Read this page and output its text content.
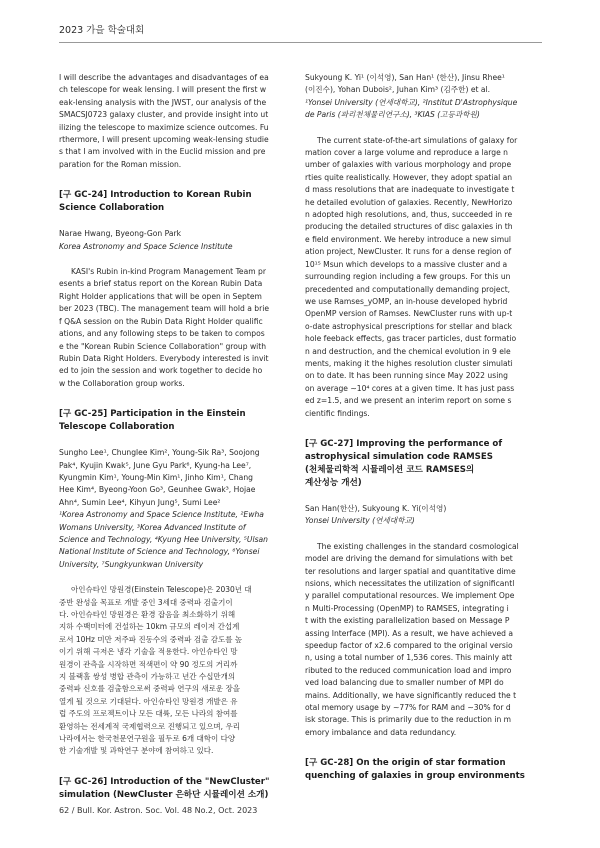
2023 가을 학술대회
I will describe the advantages and disadvantages of ea
ch telescope for weak lensing. I will present the first w
eak-lensing analysis with the JWST, our analysis of the
SMACSJ0723 galaxy cluster, and provide insight into ut
ilizing the telescope to maximize science outcomes. Fu
rthermore, I will present upcoming weak-lensing studie
s that I am involved with in the Euclid mission and pre
paration for the Roman mission.
[구 GC-24] Introduction to Korean Rubin
Science Collaboration

Narae Hwang, Byeong-Gon Park

Korea Astronomy and Space Science Institute

KASI's Rubin in-kind Program Management Team pr
esents a brief status report on the Korean Rubin Data
Right Holder applications that will be open in Septem
ber 2023 (TBC). The management team will hold a brie
f Q&A session on the Rubin Data Right Holder qualific
ations, and any following steps to be taken to compos
e the "Korean Rubin Science Collaboration" group with
Rubin Data Right Holders. Everybody interested is invit
ed to join the session and work together to decide ho
w the Collaboration group works.
[구 GC-25] Participation in the Einstein
Telescope Collaboration
Sungho Lee¹, Chunglee Kim², Young-Sik Ra³, Soojong
Pak⁴, Kyujin Kwak⁵, June Gyu Park⁶, Kyung-ha Lee⁷,
Kyungmin Kim¹, Young-Min Kim¹, Jinho Kim¹, Chang
Hee Kim⁴, Byeong-Yoon Go³, Geunhee Gwak³, Hojae
Ahn⁴, Sumin Lee⁴, Kihyun Jung⁵, Sumi Lee²
¹Korea Astronomy and Space Science Institute, ²Ewha
Womans University, ³Korea Advanced Institute of
Science and Technology, ⁴Kyung Hee University, ⁵Ulsan
National Institute of Science and Technology, ⁶Yonsei
University, ⁷Sungkyunkwan University
아인슈타인 망원경(Einstein Telescope)은 2030년 대
중반 완성을 목표로 개발 중인 3세대 중력파 검출기이
다. 아인슈타인 망원경은 환경 잡음을 최소화하기 위해
지하 수백미터에 건설하는 10km 규모의 레이저 간섭계
로서 10Hz 미만 저주파 진동수의 중력파 검출 감도를 높
이기 위해 극저온 냉각 기술을 적용한다. 아인슈타인 망
원경이 관측을 시작하면 적색편이 약 90 정도의 거리까
지 블랙홀 쌍성 병합 관측이 가능하고 년간 수십만개의
중력파 신호를 검출함으로써 중력파 연구의 새로운 장을
열게 될 것으로 기대된다. 아인슈타인 망원경 개발은 유
럽 주도의 프로젝트이나 모든 대륙, 모든 나라의 참여를
환영하는 전세계적 국제협력으로 진행되고 있으며, 우리
나라에서는 한국천문연구원을 필두로 6개 대학이 다양
한 기술개발 및 과학연구 분야에 참여하고 있다.
[구 GC-26] Introduction of the "NewCluster"
simulation (NewCluster 은하단 시뮬레이션 소개)
Sukyoung K. Yi¹ (이석영), San Han¹ (한산), Jinsu Rhee¹
(이진수), Yohan Dubois², Juhan Kim³ (김주한) et al.
¹Yonsei University (연세대학교), ²Institut D'Astrophysique
de Paris (파리천체물리연구소), ³KIAS (고등과학원)
The current state-of-the-art simulations of galaxy for
mation cover a large volume and reproduce a large n
umber of galaxies with various morphology and prope
rties quite realistically. However, they adopt spatial an
d mass resolutions that are inadequate to investigate t
he detailed evolution of galaxies. Recently, NewHorizo
n adopted high resolutions, and, thus, succeeded in re
producing the detailed structures of disc galaxies in th
e field environment. We hereby introduce a new simul
ation project, NewCluster. It runs for a dense region of
10¹⁵ Msun which develops to a massive cluster and a
surrounding region including a few groups. For this un
precedented and computationally demanding project,
we use Ramses_yOMP, an in-house developed hybrid
OpenMP version of Ramses. NewCluster runs with up-t
o-date astrophysical prescriptions for stellar and black
hole feeback effects, gas tracer particles, dust formatio
n and destruction, and the chemical evolution in 9 ele
ments, making it the highes resolution cluster simulati
on to date. It has been running since May 2022 using
on average ~10⁴ cores at a given time. It has just pass
ed z=1.5, and we present an interim report on some s
cientific findings.
[구 GC-27] Improving the performance of
astrophysical simulation code RAMSES
(천체물리학적 시뮬레이션 코드 RAMSES의
계산성능 개선)

San Han(한산), Sukyoung K. Yi(이석영)

Yonsei University (연세대학교)

The existing challenges in the standard cosmological
model are driving the demand for simulations with bet
ter resolutions and larger spatial and quantitative dime
nsions, which necessitates the utilization of significantl
y parallel computational resources. We implement Ope
n Multi-Processing (OpenMP) to RAMSES, integrating i
t with the existing parallelization based on Message P
assing Interface (MPI). As a result, we have achieved a
speedup factor of x2.6 compared to the original versio
n, using a total number of 1,536 cores. This mainly att
ributed to the reduced communication load and impro
ved load balancing due to smaller number of MPI do
mains. Additionally, we have significantly reduced the t
otal memory usage by ~77% for RAM and ~30% for d
isk storage. This is primarily due to the reduction in m
emory imbalance and data redundancy.
[구 GC-28] On the origin of star formation
quenching of galaxies in group environments
62 / Bull. Kor. Astron. Soc. Vol. 48 No.2, Oct. 2023
